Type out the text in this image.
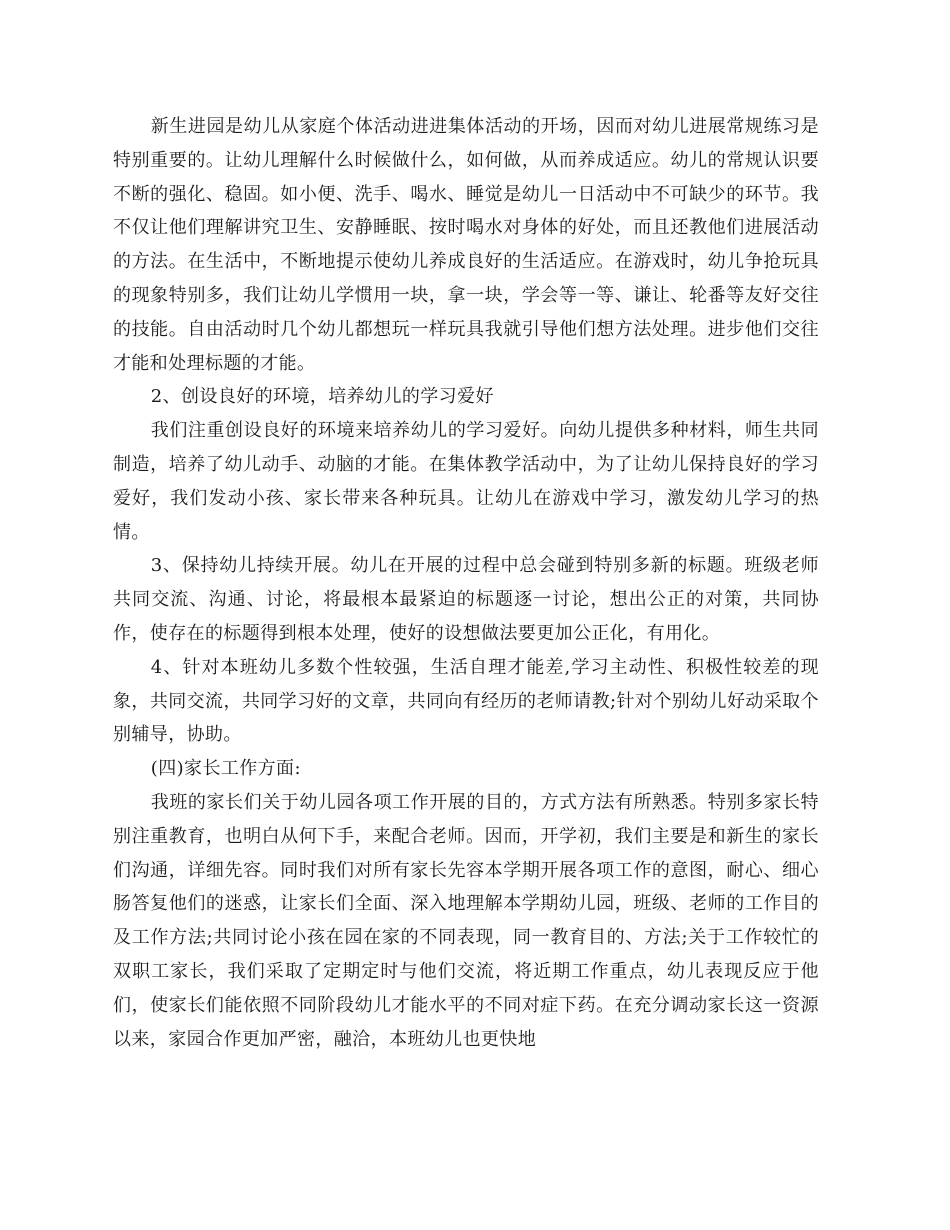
新生进园是幼儿从家庭个体活动进进集体活动的开场，因而对幼儿进展常规练习是特别重要的。让幼儿理解什么时候做什么，如何做，从而养成适应。幼儿的常规认识要不断的强化、稳固。如小便、洗手、喝水、睡觉是幼儿一日活动中不可缺少的环节。我不仅让他们理解讲究卫生、安静睡眠、按时喝水对身体的好处，而且还教他们进展活动的方法。在生活中，不断地提示使幼儿养成良好的生活适应。在游戏时，幼儿争抢玩具的现象特别多，我们让幼儿学惯用一块，拿一块，学会等一等、谦让、轮番等友好交往的技能。自由活动时几个幼儿都想玩一样玩具我就引导他们想方法处理。进步他们交往才能和处理标题的才能。

2、创设良好的环境，培养幼儿的学习爱好

我们注重创设良好的环境来培养幼儿的学习爱好。向幼儿提供多种材料，师生共同制造，培养了幼儿动手、动脑的才能。在集体教学活动中，为了让幼儿保持良好的学习爱好，我们发动小孩、家长带来各种玩具。让幼儿在游戏中学习，激发幼儿学习的热情。

3、保持幼儿持续开展。幼儿在开展的过程中总会碰到特别多新的标题。班级老师共同交流、沟通、讨论，将最根本最紧迫的标题逐一讨论，想出公正的对策，共同协作，使存在的标题得到根本处理，使好的设想做法要更加公正化，有用化。

4、针对本班幼儿多数个性较强，生活自理才能差,学习主动性、积极性较差的现象，共同交流，共同学习好的文章，共同向有经历的老师请教;针对个别幼儿好动采取个别辅导，协助。

(四)家长工作方面:

我班的家长们关于幼儿园各项工作开展的目的，方式方法有所熟悉。特别多家长特别注重教育，也明白从何下手，来配合老师。因而，开学初，我们主要是和新生的家长们沟通，详细先容。同时我们对所有家长先容本学期开展各项工作的意图，耐心、细心肠答复他们的迷惑，让家长们全面、深入地理解本学期幼儿园，班级、老师的工作目的及工作方法;共同讨论小孩在园在家的不同表现，同一教育目的、方法;关于工作较忙的双职工家长，我们采取了定期定时与他们交流，将近期工作重点，幼儿表现反应于他们，使家长们能依照不同阶段幼儿才能水平的不同对症下药。在充分调动家长这一资源以来，家园合作更加严密，融洽，本班幼儿也更快地
